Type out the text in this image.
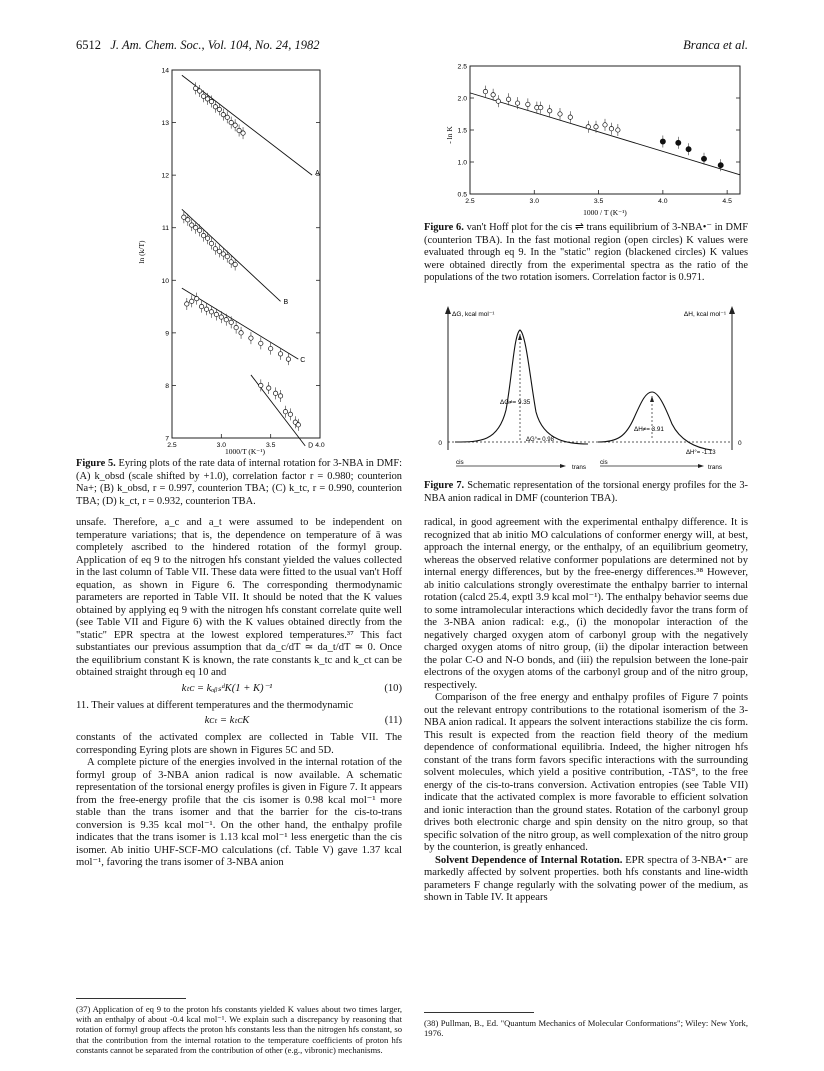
6512 J. Am. Chem. Soc., Vol. 104, No. 24, 1982	Branca et al.
2.5	3.0	3.5	4.0
7
8
9
10
11
12
13
14
A
B
C
D
ln (k/T)
1000/T (K⁻¹)
Figure 5. Eyring plots of the rate data of internal rotation for 3-NBA in DMF: (A) k_obsd (scale shifted by +1.0), correlation factor r = 0.980; counterion Na+; (B) k_obsd, r = 0.997, counterion TBA; (C) k_tc, r = 0.990, counterion TBA; (D) k_ct, r = 0.932, counterion TBA.
2.5	3.0	3.5	4.0	4.5
0.5
1.0
1.5
2.0
2.5
- ln K
1000 / T (K⁻¹)
Figure 6. van't Hoff plot for the cis ⇌ trans equilibrium of 3-NBA•⁻ in DMF (counterion TBA). In the fast motional region (open circles) K values were evaluated through eq 9. In the "static" region (blackened circles) K values were obtained directly from the experimental spectra as the ratio of the populations of the two rotation isomers. Correlation factor is 0.971.
ΔG, kcal mol⁻¹	ΔH, kcal mol⁻¹
0	0
ΔG≠= 9.35
ΔG°= 0.98
ΔH≠= 3.91
ΔH°= -1.13
cis
trans
cis
trans
Figure 7. Schematic representation of the torsional energy profiles for the 3-NBA anion radical in DMF (counterion TBA).

unsafe. Therefore, a_c and a_t were assumed to be independent on temperature variations; that is, the dependence on temperature of ā was completely ascribed to the hindered rotation of the formyl group. Application of eq 9 to the nitrogen hfs constant yielded the values collected in the last column of Table VII. These data were fitted to the usual van't Hoff equation, as shown in Figure 6. The corresponding thermodynamic parameters are reported in Table VII. It should be noted that the K values obtained by applying eq 9 with the nitrogen hfs constant correlate quite well (see Table VII and Figure 6) with the K values obtained directly from the "static" EPR spectra at the lowest explored temperatures.³⁷ This fact substantiates our previous assumption that da_c/dT ≃ da_t/dT ≃ 0. Once the equilibrium constant K is known, the rate constants k_tc and k_ct can be obtained straight through eq 10 and

kₜᴄ = kₒᵦₛᵈK(1 + K)⁻¹	(10)

11. Their values at different temperatures and the thermodynamic

kᴄₜ = kₜᴄK	(11)

constants of the activated complex are collected in Table VII. The corresponding Eyring plots are shown in Figures 5C and 5D.

A complete picture of the energies involved in the internal rotation of the formyl group of 3-NBA anion radical is now available. A schematic representation of the torsional energy profiles is given in Figure 7. It appears from the free-energy profile that the cis isomer is 0.98 kcal mol⁻¹ more stable than the trans isomer and that the barrier for the cis-to-trans conversion is 9.35 kcal mol⁻¹. On the other hand, the enthalpy profile indicates that the trans isomer is 1.13 kcal mol⁻¹ less energetic than the cis isomer. Ab initio UHF-SCF-MO calculations (cf. Table V) gave 1.37 kcal mol⁻¹, favoring the trans isomer of 3-NBA anion

(37) Application of eq 9 to the proton hfs constants yielded K values about two times larger, with an enthalpy of about -0.4 kcal mol⁻¹. We explain such a discrepancy by reasoning that rotation of formyl group affects the proton hfs constants less than the nitrogen hfs constant, so that the contribution from the internal rotation to the temperature coefficients of proton hfs constants cannot be separated from the contribution of other (e.g., vibronic) mechanisms.

radical, in good agreement with the experimental enthalpy difference. It is recognized that ab initio MO calculations of conformer energy will, at best, approach the internal energy, or the enthalpy, of an equilibrium geometry, whereas the observed relative conformer populations are determined not by internal energy differences, but by the free-energy differences.³⁸ However, ab initio calculations strongly overestimate the enthalpy barrier to internal rotation (calcd 25.4, exptl 3.9 kcal mol⁻¹). The enthalpy behavior seems due to some intramolecular interactions which decidedly favor the trans form of the 3-NBA anion radical: e.g., (i) the monopolar interaction of the negatively charged oxygen atom of carbonyl group with the negatively charged oxygen atoms of nitro group, (ii) the dipolar interaction between the polar C-O and N-O bonds, and (iii) the repulsion between the lone-pair electrons of the oxygen atoms of the carbonyl group and of the nitro group, respectively.

Comparison of the free energy and enthalpy profiles of Figure 7 points out the relevant entropy contributions to the rotational isomerism of the 3-NBA anion radical. It appears the solvent interactions stabilize the cis form. This result is expected from the reaction field theory of the medium dependence of conformational equilibria. Indeed, the higher nitrogen hfs constant of the trans form favors specific interactions with the surrounding solvent molecules, which yield a positive contribution, -TΔS°, to the free energy of the cis-to-trans conversion. Activation entropies (see Table VII) indicate that the activated complex is more favorable to efficient solvation and ionic interaction than the ground states. Rotation of the carbonyl group drives both electronic charge and spin density on the nitro group, so that specific solvation of the nitro group, as well complexation of the nitro group by the counterion, is greatly enhanced.

Solvent Dependence of Internal Rotation. EPR spectra of 3-NBA•⁻ are markedly affected by solvent properties. both hfs constants and line-width parameters F change regularly with the solvating power of the medium, as shown in Table IV. It appears

(38) Pullman, B., Ed. "Quantum Mechanics of Molecular Conformations"; Wiley: New York, 1976.
